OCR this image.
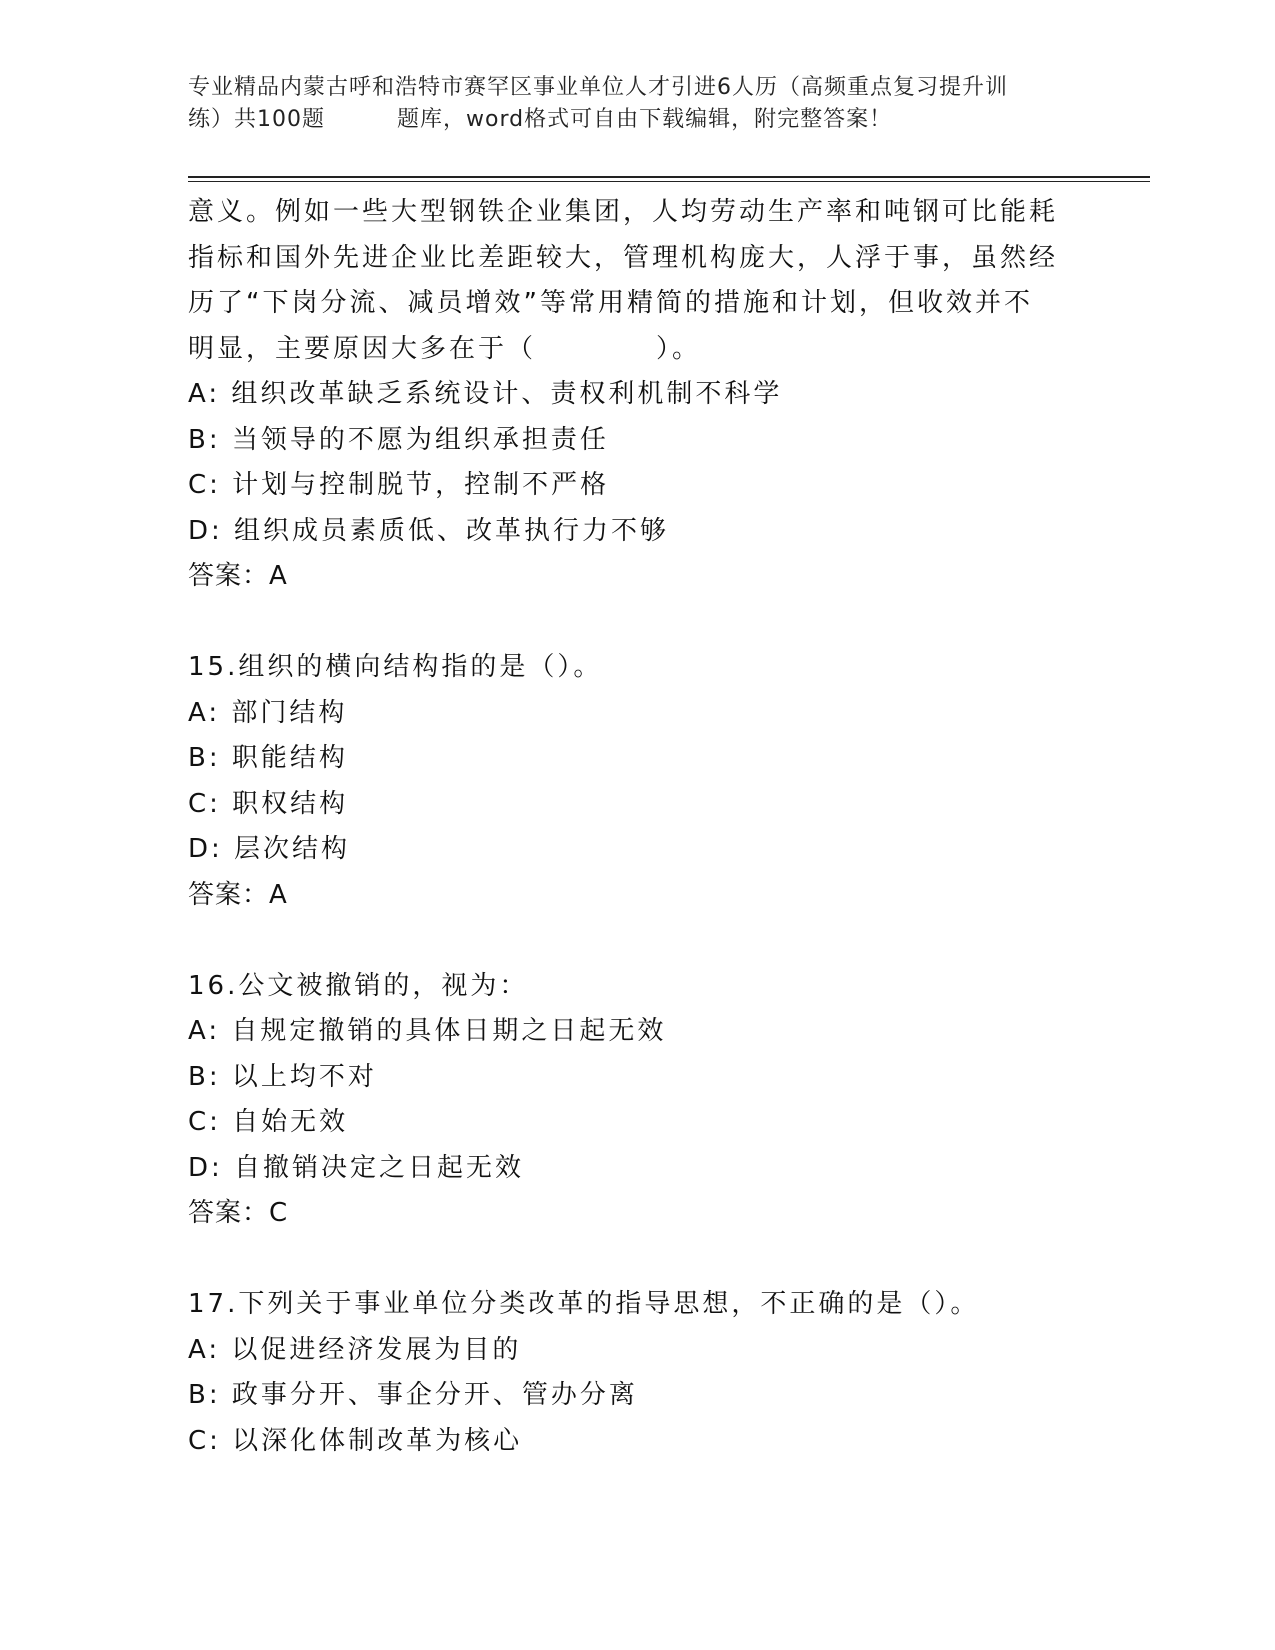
专业精品内蒙古呼和浩特市赛罕区事业单位人才引进6人历（高频重点复习提升训
练）共100题	题库，word格式可自由下载编辑，附完整答案！
意义。例如一些大型钢铁企业集团，人均劳动生产率和吨钢可比能耗
指标和国外先进企业比差距较大，管理机构庞大，人浮于事，虽然经
历了“下岗分流、减员增效”等常用精简的措施和计划，但收效并不
明显，主要原因大多在于（	）。
A: 组织改革缺乏系统设计、责权利机制不科学
B: 当领导的不愿为组织承担责任
C: 计划与控制脱节，控制不严格
D: 组织成员素质低、改革执行力不够
答案：A
15.组织的横向结构指的是（）。
A: 部门结构
B: 职能结构
C: 职权结构
D: 层次结构
答案：A
16.公文被撤销的，视为：
A: 自规定撤销的具体日期之日起无效
B: 以上均不对
C: 自始无效
D: 自撤销决定之日起无效
答案：C
17.下列关于事业单位分类改革的指导思想，不正确的是（）。
A: 以促进经济发展为目的
B: 政事分开、事企分开、管办分离
C: 以深化体制改革为核心
